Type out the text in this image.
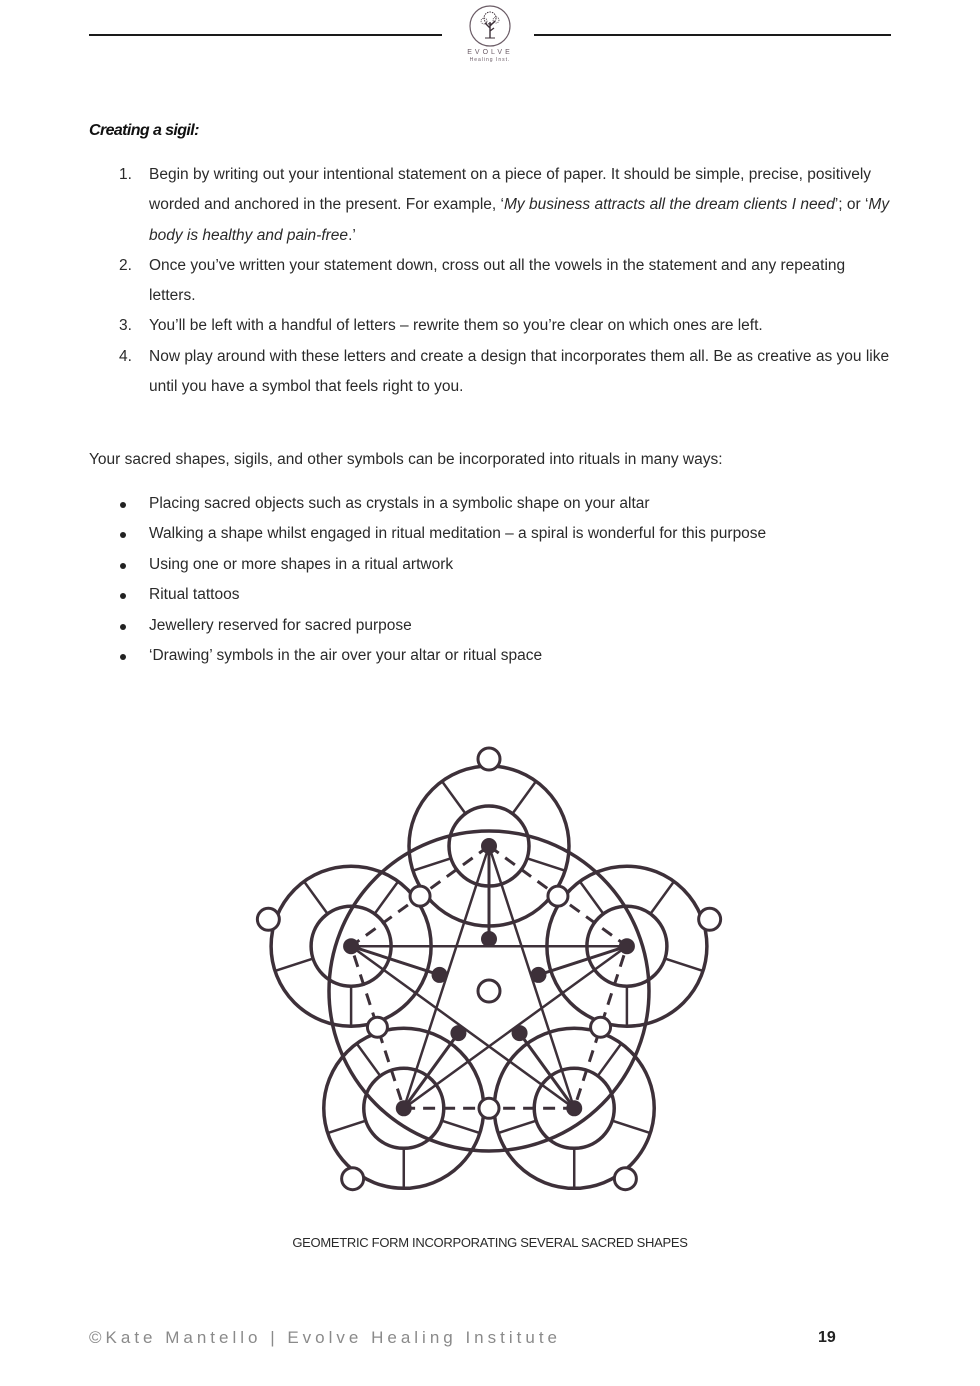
EVOLVE
Healing Inst.

Creating a sigil:

1. Begin by writing out your intentional statement on a piece of paper. It should be simple, precise, positively worded and anchored in the present. For example, ‘My business attracts all the dream clients I need’; or ‘My body is healthy and pain-free.’
2. Once you’ve written your statement down, cross out all the vowels in the statement and any repeating letters.
3. You’ll be left with a handful of letters – rewrite them so you’re clear on which ones are left.
4. Now play around with these letters and create a design that incorporates them all. Be as creative as you like until you have a symbol that feels right to you.

Your sacred shapes, sigils, and other symbols can be incorporated into rituals in many ways:

Placing sacred objects such as crystals in a symbolic shape on your altar
Walking a shape whilst engaged in ritual meditation – a spiral is wonderful for this purpose
Using one or more shapes in a ritual artwork
Ritual tattoos
Jewellery reserved for sacred purpose
‘Drawing’ symbols in the air over your altar or ritual space

GEOMETRIC FORM INCORPORATING SEVERAL SACRED SHAPES

©Kate Mantello | Evolve Healing Institute	19
